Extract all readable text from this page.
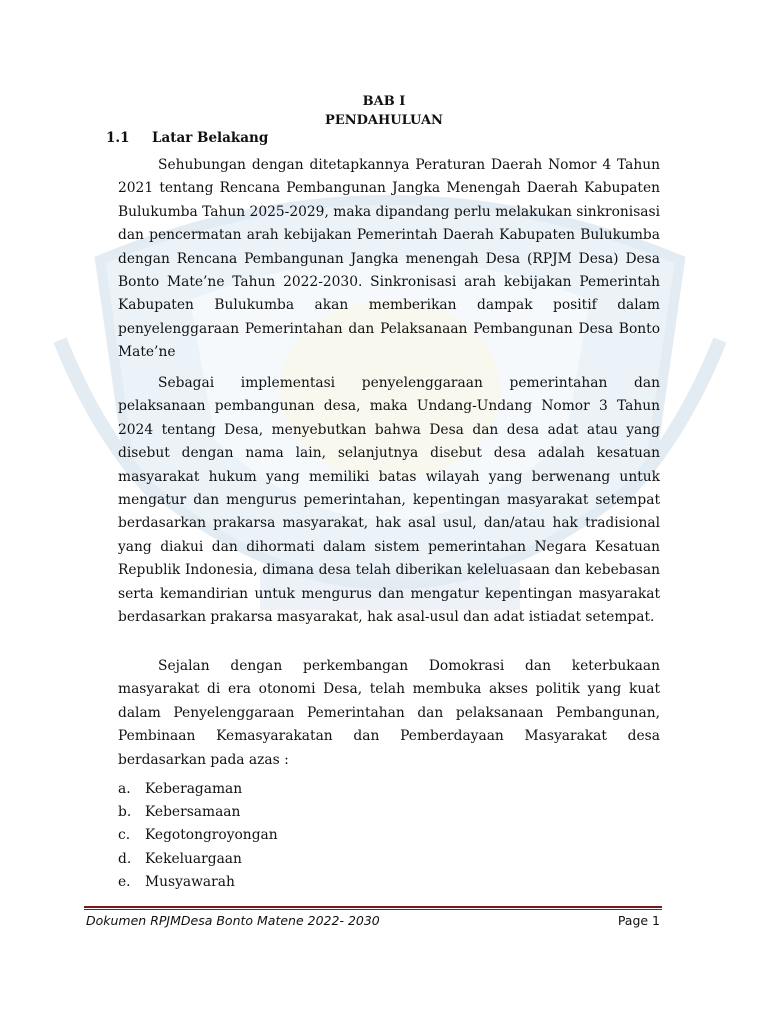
BAB I
PENDAHULUAN
1.1 Latar Belakang

Sehubungan dengan ditetapkannya Peraturan Daerah Nomor 4 Tahun 2021 tentang Rencana Pembangunan Jangka Menengah Daerah Kabupaten Bulukumba Tahun 2025-2029, maka dipandang perlu melakukan sinkronisasi dan pencermatan arah kebijakan Pemerintah Daerah Kabupaten Bulukumba dengan Rencana Pembangunan Jangka menengah Desa (RPJM Desa) Desa Bonto Mate’ne Tahun 2022-2030. Sinkronisasi arah kebijakan Pemerintah Kabupaten Bulukumba akan memberikan dampak positif dalam penyelenggaraan Pemerintahan dan Pelaksanaan Pembangunan Desa Bonto Mate’ne

Sebagai implementasi penyelenggaraan pemerintahan dan pelaksanaan pembangunan desa, maka Undang-Undang Nomor 3 Tahun 2024 tentang Desa, menyebutkan bahwa Desa dan desa adat atau yang disebut dengan nama lain, selanjutnya disebut desa adalah kesatuan masyarakat hukum yang memiliki batas wilayah yang berwenang untuk mengatur dan mengurus pemerintahan, kepentingan masyarakat setempat berdasarkan prakarsa masyarakat, hak asal usul, dan/atau hak tradisional yang diakui dan dihormati dalam sistem pemerintahan Negara Kesatuan Republik Indonesia, dimana desa telah diberikan keleluasaan dan kebebasan serta kemandirian untuk mengurus dan mengatur kepentingan masyarakat berdasarkan prakarsa masyarakat, hak asal-usul dan adat istiadat setempat.

Sejalan dengan perkembangan Domokrasi dan keterbukaan masyarakat di era otonomi Desa, telah membuka akses politik yang kuat dalam Penyelenggaraan Pemerintahan dan pelaksanaan Pembangunan, Pembinaan Kemasyarakatan dan Pemberdayaan Masyarakat desa berdasarkan pada azas :

a. Keberagaman
b. Kebersamaan
c. Kegotongroyongan
d. Kekeluargaan
e. Musyawarah
Dokumen RPJMDesa Bonto Matene 2022- 2030	Page 1
